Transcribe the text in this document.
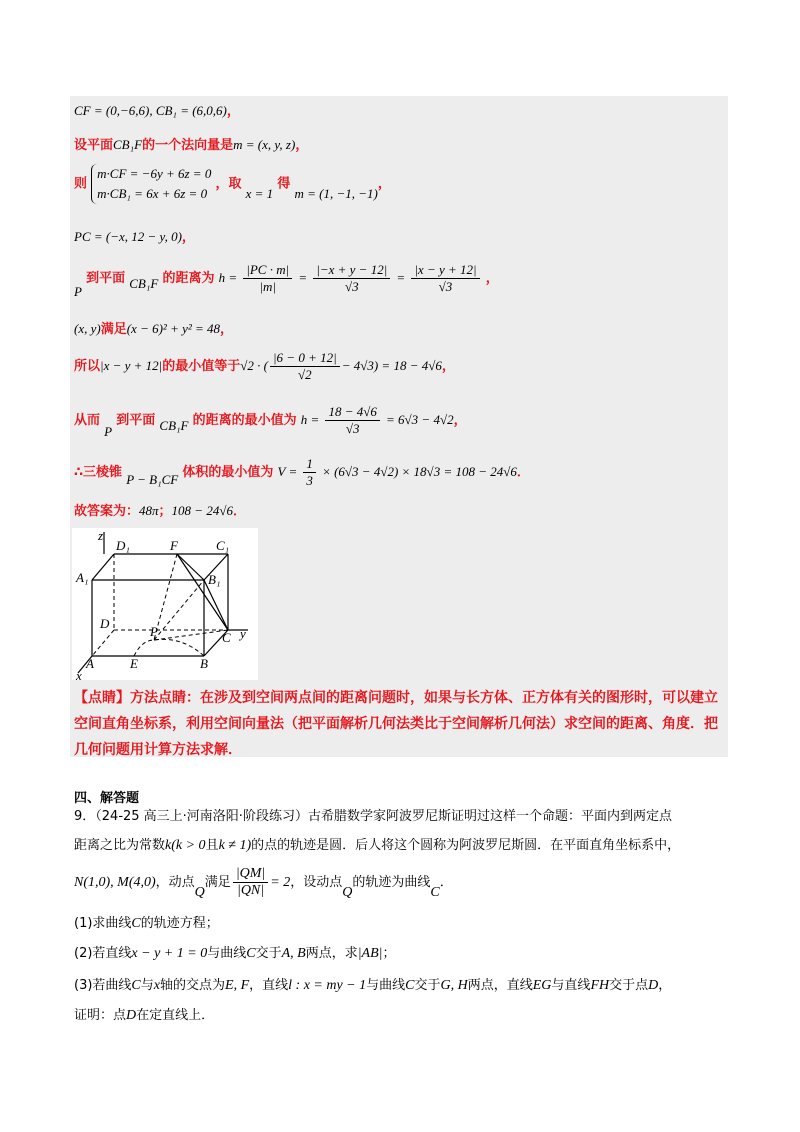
CF = (0,−6,6), CB₁ = (6,0,6)，
设平面CB₁F的一个法向量是m = (x, y, z)，
则
m·CF = −6y + 6z = 0
m·CB₁ = 6x + 6z = 0
，取 x = 1 得 m = (1, −1, −1)，
PC = (−x, 12 − y, 0)，
P 到平面 CB₁F 的距离为 $h = \frac{|PC \cdot m|}{|m|} = \frac{|-x + y - 12|}{√3} = \frac{|x - y + 12|}{√3}$ ，
(x, y)满足(x − 6)² + y² = 48，
所以|x − y + 12|的最小值等于√2 · ( $\frac{|6 - 0 + 12|}{√2} - 4√3) = 18 - 4√6$，
从而 P 到平面 CB₁F 的距离的最小值为 $h = \frac{18 - 4√6}{√3} = 6√3 - 4√2$，
∴三棱锥 P − B₁CF 体积的最小值为 $V = \frac{1}{3} \times (6√3 - 4√2) \times 18√3 = 108 - 24√6$．
故答案为：48π；108 − 24√6．
z
D₁	F	C₁
A₁	B₁
D
P	C y
A	E	B
x
【点睛】方法点睛：在涉及到空间两点间的距离问题时，如果与长方体、正方体有关的图形时，可以建立空间直角坐标系，利用空间向量法（把平面解析几何法类比于空间解析几何法）求空间的距离、角度．把几何问题用计算方法求解．
四、解答题
9．（24-25 高三上·河南洛阳·阶段练习）古希腊数学家阿波罗尼斯证明过这样一个命题：平面内到两定点
距离之比为常数k(k > 0且k ≠ 1)的点的轨迹是圆．后人将这个圆称为阿波罗尼斯圆．在平面直角坐标系中，
N(1,0), M(4,0)，动点Q满足 $\frac{|QM|}{|QN|} = 2$，设动点Q的轨迹为曲线C．
(1)求曲线C的轨迹方程；
(2)若直线x − y + 1 = 0与曲线C交于A, B两点，求|AB|；
(3)若曲线C与x轴的交点为E, F，直线l : x = my − 1与曲线C交于G, H两点，直线EG与直线FH交于点D，
证明：点D在定直线上．
